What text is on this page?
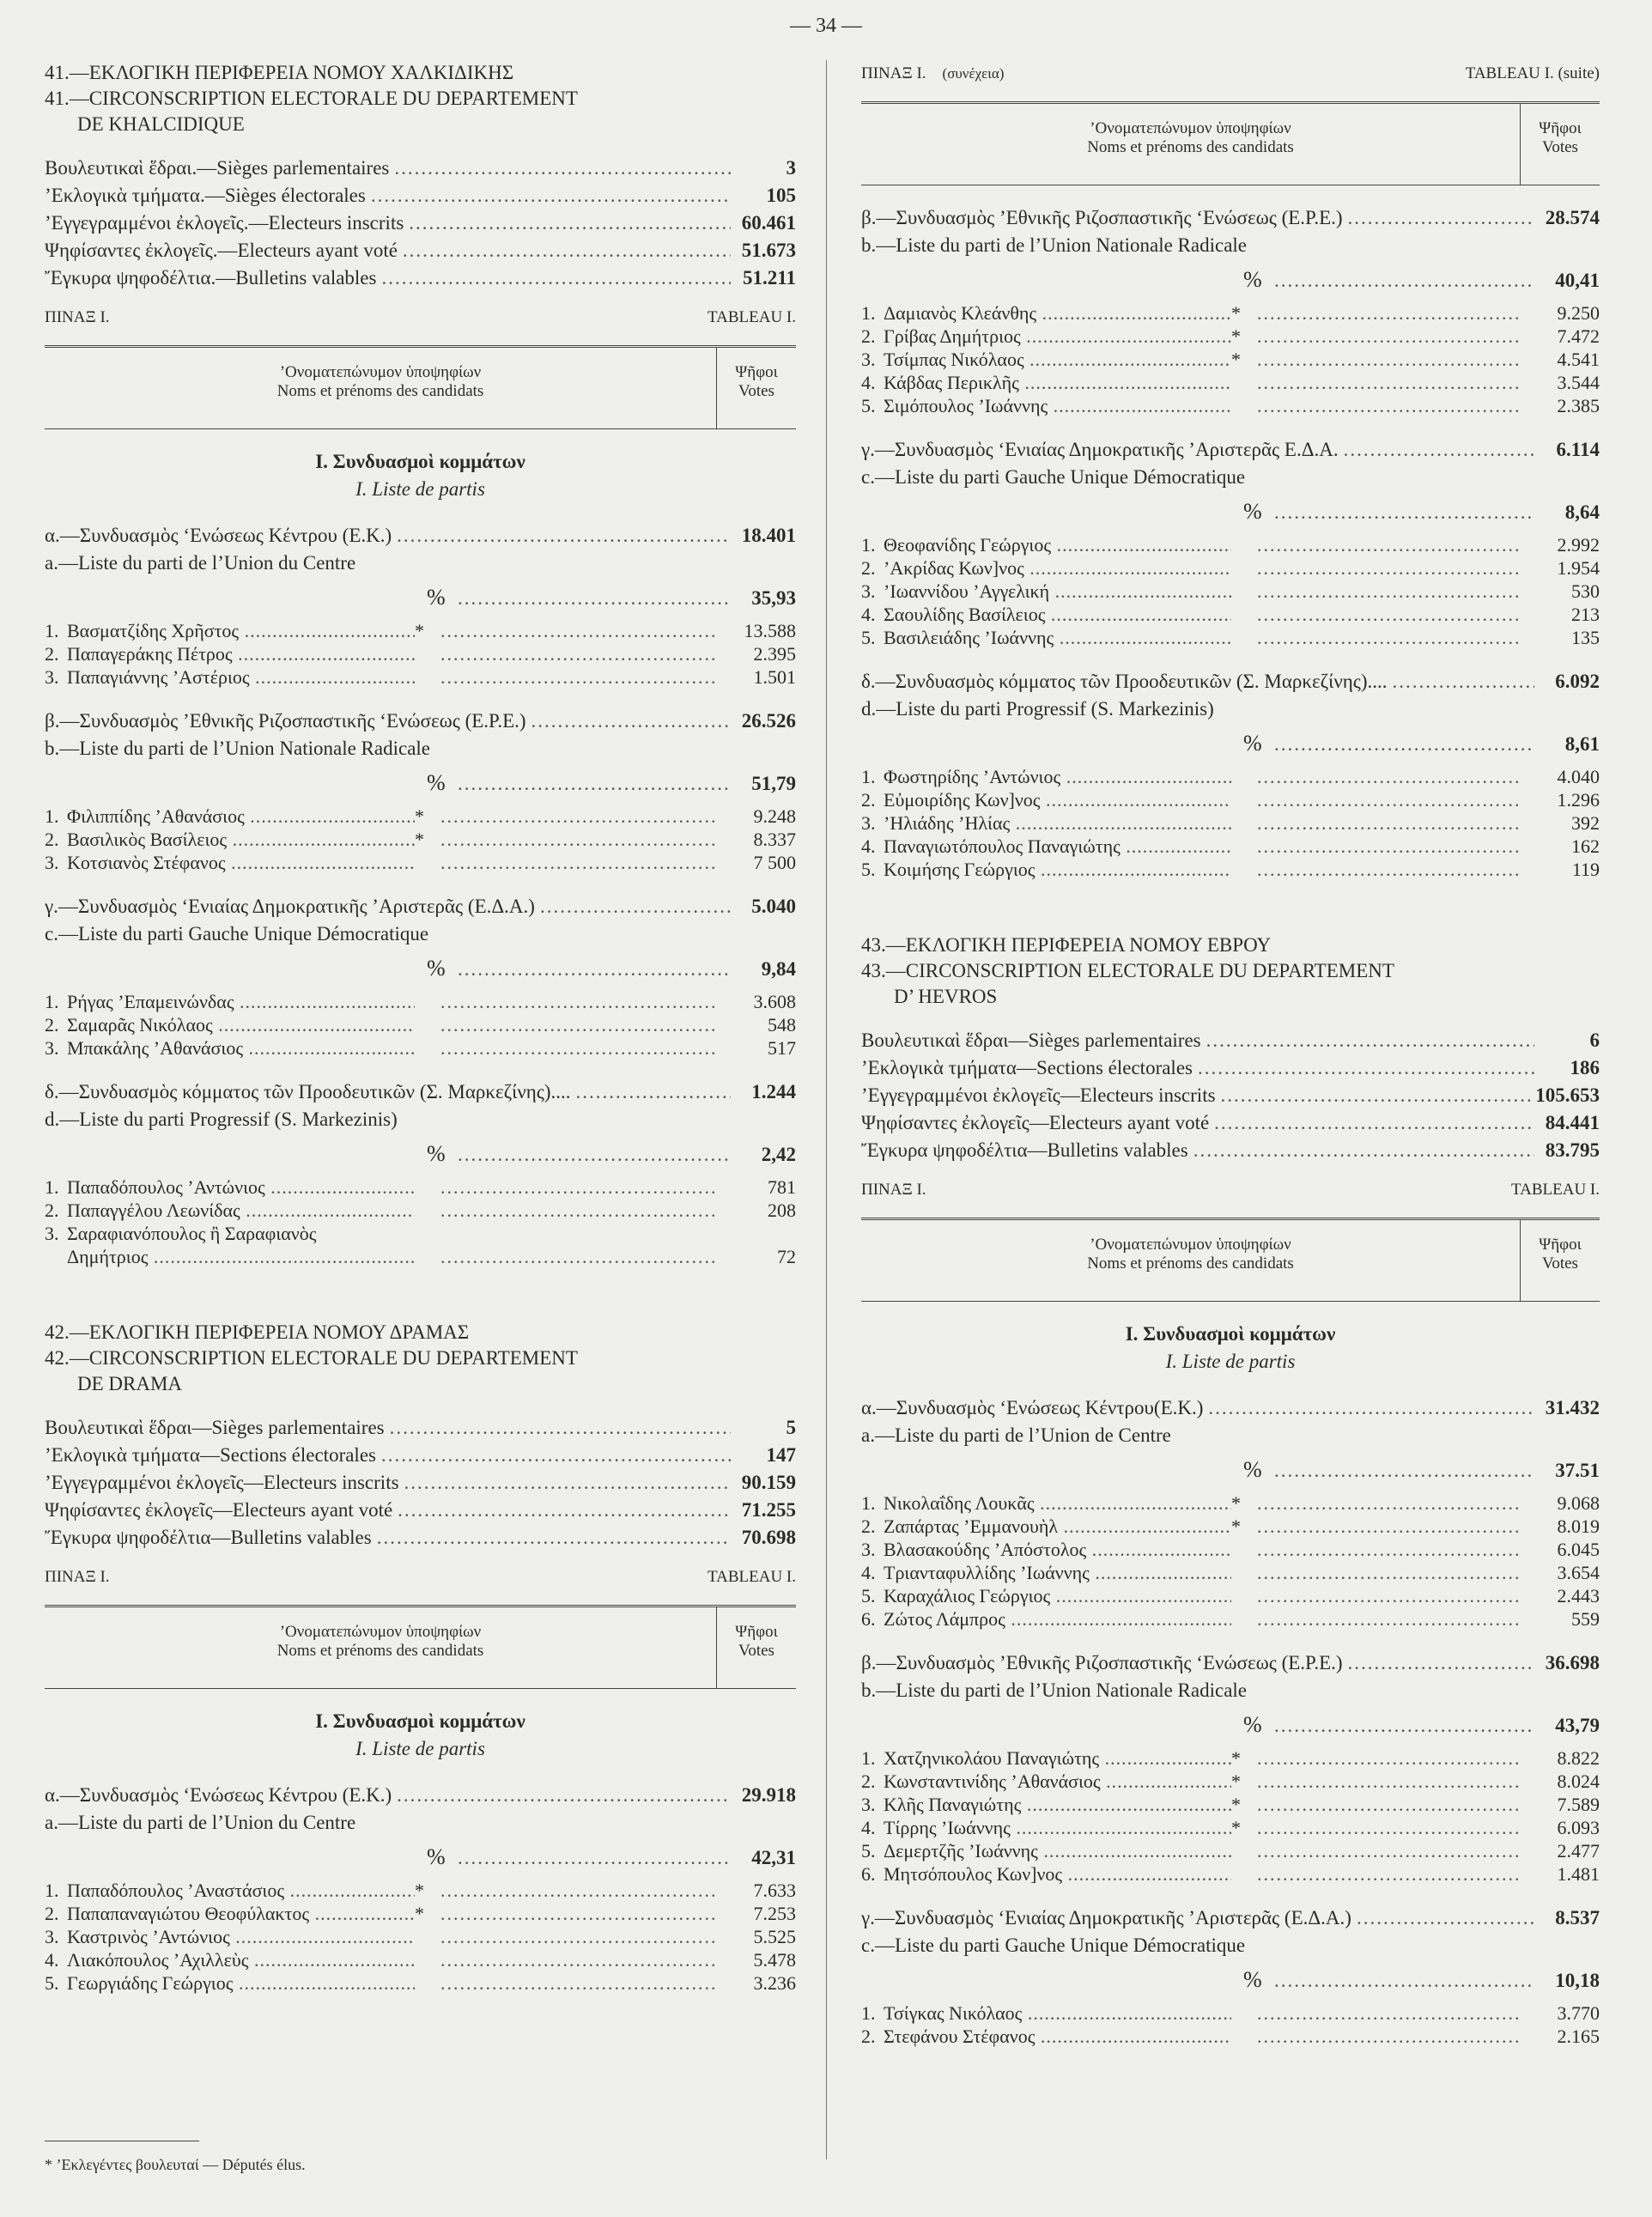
— 34 —
41.—ΕΚΛΟΓΙΚΗ ΠΕΡΙΦΕΡΕΙΑ ΝΟΜΟΥ ΧΑΛΚΙΔΙΚΗΣ
41.—CIRCONSCRIPTION ELECTORALE DU DEPARTEMENT
DE KHALCIDIQUE
Βουλευτικαὶ ἕδραι.—Sièges parlementaires .....	3
’Εκλογικὰ τμήματα.—Sièges électorales .....	105
’Εγγεγραμμένοι ἐκλογεῖς.—Electeurs inscrits .....	60.461
Ψηφίσαντες ἐκλογεῖς.—Electeurs ayant voté .....	51.673
Ἔγκυρα ψηφοδέλτια.—Bulletins valables .....	51.211
ΠΙΝΑΞ Ι.	TABLEAU I.
’Ονοματεπώνυμον ὑποψηφίων
Noms et prénoms des candidats
Ψῆφοι
Votes
I. Συνδυασμοὶ κομμάτων
I. Liste de partis
α.—Συνδυασμὸς ‘Ενώσεως Κέντρου (Ε.Κ.) .....	18.401
a.—Liste du parti de l’Union du Centre
% .....	35,93
1. Βασματζίδης Χρῆστος .....	* .....	13.588
2. Παπαγεράκης Πέτρος ..... .....	2.395
3. Παπαγιάννης ’Αστέριος ..... .....	1.501
β.—Συνδυασμὸς ’Εθνικῆς Ριζοσπαστικῆς ‘Ενώσεως (Ε.Ρ.Ε.) .....	26.526
b.—Liste du parti de l’Union Nationale Radicale
% .....	51,79
1. Φιλιππίδης ’Αθανάσιος .....	* .....	9.248
2. Βασιλικὸς Βασίλειος .....	* .....	8.337
3. Κοτσιανὸς Στέφανος ..... .....	7 500
γ.—Συνδυασμὸς ‘Ενιαίας Δημοκρατικῆς ’Αριστερᾶς (Ε.Δ.Α.) .....	5.040
c.—Liste du parti Gauche Unique Démocratique
% .....	9,84
1. Ρήγας ’Επαμεινώνδας ..... .....	3.608
2. Σαμαρᾶς Νικόλαος ..... .....	548
3. Μπακάλης ’Αθανάσιος ..... .....	517
δ.—Συνδυασμὸς κόμματος τῶν Προοδευτικῶν (Σ. Μαρκεζίνης).... .....	1.244
d.—Liste du parti Progressif (S. Markezinis)
% .....	2,42
1. Παπαδόπουλος ’Αντώνιος ..... .....	781
2. Παπαγγέλου Λεωνίδας ..... .....	208
3. Σαραφιανόπουλος ἢ Σαραφιανὸς
Δημήτριος ..... .....	72
42.—ΕΚΛΟΓΙΚΗ ΠΕΡΙΦΕΡΕΙΑ ΝΟΜΟΥ ΔΡΑΜΑΣ
42.—CIRCONSCRIPTION ELECTORALE DU DEPARTEMENT
DE DRAMA
Βουλευτικαὶ ἕδραι—Sièges parlementaires .....	5
’Εκλογικὰ τμήματα—Sections électorales .....	147
’Εγγεγραμμένοι ἐκλογεῖς—Electeurs inscrits .....	90.159
Ψηφίσαντες ἐκλογεῖς—Electeurs ayant voté .....	71.255
Ἔγκυρα ψηφοδέλτια—Bulletins valables .....	70.698
ΠΙΝΑΞ Ι.	TABLEAU I.
’Ονοματεπώνυμον ὑποψηφίων
Noms et prénoms des candidats
Ψῆφοι
Votes
I. Συνδυασμοὶ κομμάτων
I. Liste de partis
α.—Συνδυασμὸς ‘Ενώσεως Κέντρου (Ε.Κ.) .....	29.918
a.—Liste du parti de l’Union du Centre
% .....	42,31
1. Παπαδόπουλος ’Αναστάσιος .....	* .....	7.633
2. Παπαπαναγιώτου Θεοφύλακτος .....	* .....	7.253
3. Καστρινὸς ’Αντώνιος ..... .....	5.525
4. Λιακόπουλος ’Αχιλλεὺς ..... .....	5.478
5. Γεωργιάδης Γεώργιος ..... .....	3.236
ΠΙΝΑΞ Ι. (συνέχεια)	TABLEAU I. (suite)
’Ονοματεπώνυμον ὑποψηφίων
Noms et prénoms des candidats
Ψῆφοι
Votes
β.—Συνδυασμὸς ’Εθνικῆς Ριζοσπαστικῆς ‘Ενώσεως (Ε.Ρ.Ε.) .....	28.574
b.—Liste du parti de l’Union Nationale Radicale
% .....	40,41
1. Δαμιανὸς Κλεάνθης .....	* .....	9.250
2. Γρίβας Δημήτριος .....	* .....	7.472
3. Τσίμπας Νικόλαος .....	* .....	4.541
4. Κάβδας Περικλῆς ..... .....	3.544
5. Σιμόπουλος ’Ιωάννης ..... .....	2.385
γ.—Συνδυασμὸς ‘Ενιαίας Δημοκρατικῆς ’Αριστερᾶς Ε.Δ.Α. .....	6.114
c.—Liste du parti Gauche Unique Démocratique
% .....	8,64
1. Θεοφανίδης Γεώργιος ..... .....	2.992
2. ’Ακρίδας Κων]νος ..... .....	1.954
3. ’Ιωαννίδου ’Αγγελική ..... .....	530
4. Σαουλίδης Βασίλειος ..... .....	213
5. Βασιλειάδης ’Ιωάννης ..... .....	135
δ.—Συνδυασμὸς κόμματος τῶν Προοδευτικῶν (Σ. Μαρκεζίνης).... .....	6.092
d.—Liste du parti Progressif (S. Markezinis)
% .....	8,61
1. Φωστηρίδης ’Αντώνιος ..... .....	4.040
2. Εὐμοιρίδης Κων]νος ..... .....	1.296
3. ’Ηλιάδης ’Ηλίας ..... .....	392
4. Παναγιωτόπουλος Παναγιώτης ..... .....	162
5. Κοιμήσης Γεώργιος ..... .....	119
43.—ΕΚΛΟΓΙΚΗ ΠΕΡΙΦΕΡΕΙΑ ΝΟΜΟΥ ΕΒΡΟΥ
43.—CIRCONSCRIPTION ELECTORALE DU DEPARTEMENT
D’ HEVROS
Βουλευτικαὶ ἕδραι—Sièges parlementaires .....	6
’Εκλογικὰ τμήματα—Sections électorales .....	186
’Εγγεγραμμένοι ἐκλογεῖς—Electeurs inscrits .....	105.653
Ψηφίσαντες ἐκλογεῖς—Electeurs ayant voté .....	84.441
Ἔγκυρα ψηφοδέλτια—Bulletins valables .....	83.795
ΠΙΝΑΞ Ι.	TABLEAU I.
’Ονοματεπώνυμον ὑποψηφίων
Noms et prénoms des candidats
Ψῆφοι
Votes
I. Συνδυασμοὶ κομμάτων
I. Liste de partis
α.—Συνδυασμὸς ‘Ενώσεως Κέντρου(Ε.Κ.) .....	31.432
a.—Liste du parti de l’Union de Centre
% .....	37.51
1. Νικολαΐδης Λουκᾶς .....	* .....	9.068
2. Ζαπάρτας ’Εμμανουὴλ .....	* .....	8.019
3. Βλασακούδης ’Απόστολος ..... .....	6.045
4. Τριανταφυλλίδης ’Ιωάννης ..... .....	3.654
5. Καραχάλιος Γεώργιος ..... .....	2.443
6. Ζώτος Λάμπρος ..... .....	559
β.—Συνδυασμὸς ’Εθνικῆς Ριζοσπαστικῆς ‘Ενώσεως (Ε.Ρ.Ε.) .....	36.698
b.—Liste du parti de l’Union Nationale Radicale
% .....	43,79
1. Χατζηνικολάου Παναγιώτης .....	* .....	8.822
2. Κωνσταντινίδης ’Αθανάσιος .....	* .....	8.024
3. Κλῆς Παναγιώτης .....	* .....	7.589
4. Τίρρης ’Ιωάννης .....	* .....	6.093
5. Δεμερτζῆς ’Ιωάννης ..... .....	2.477
6. Μητσόπουλος Κων]νος ..... .....	1.481
γ.—Συνδυασμὸς ‘Ενιαίας Δημοκρατικῆς ’Αριστερᾶς (Ε.Δ.Α.) .....	8.537
c.—Liste du parti Gauche Unique Démocratique
% .....	10,18
1. Τσίγκας Νικόλαος ..... .....	3.770
2. Στεφάνου Στέφανος ..... .....	2.165
* ’Εκλεγέντες βουλευταί — Députés élus.
